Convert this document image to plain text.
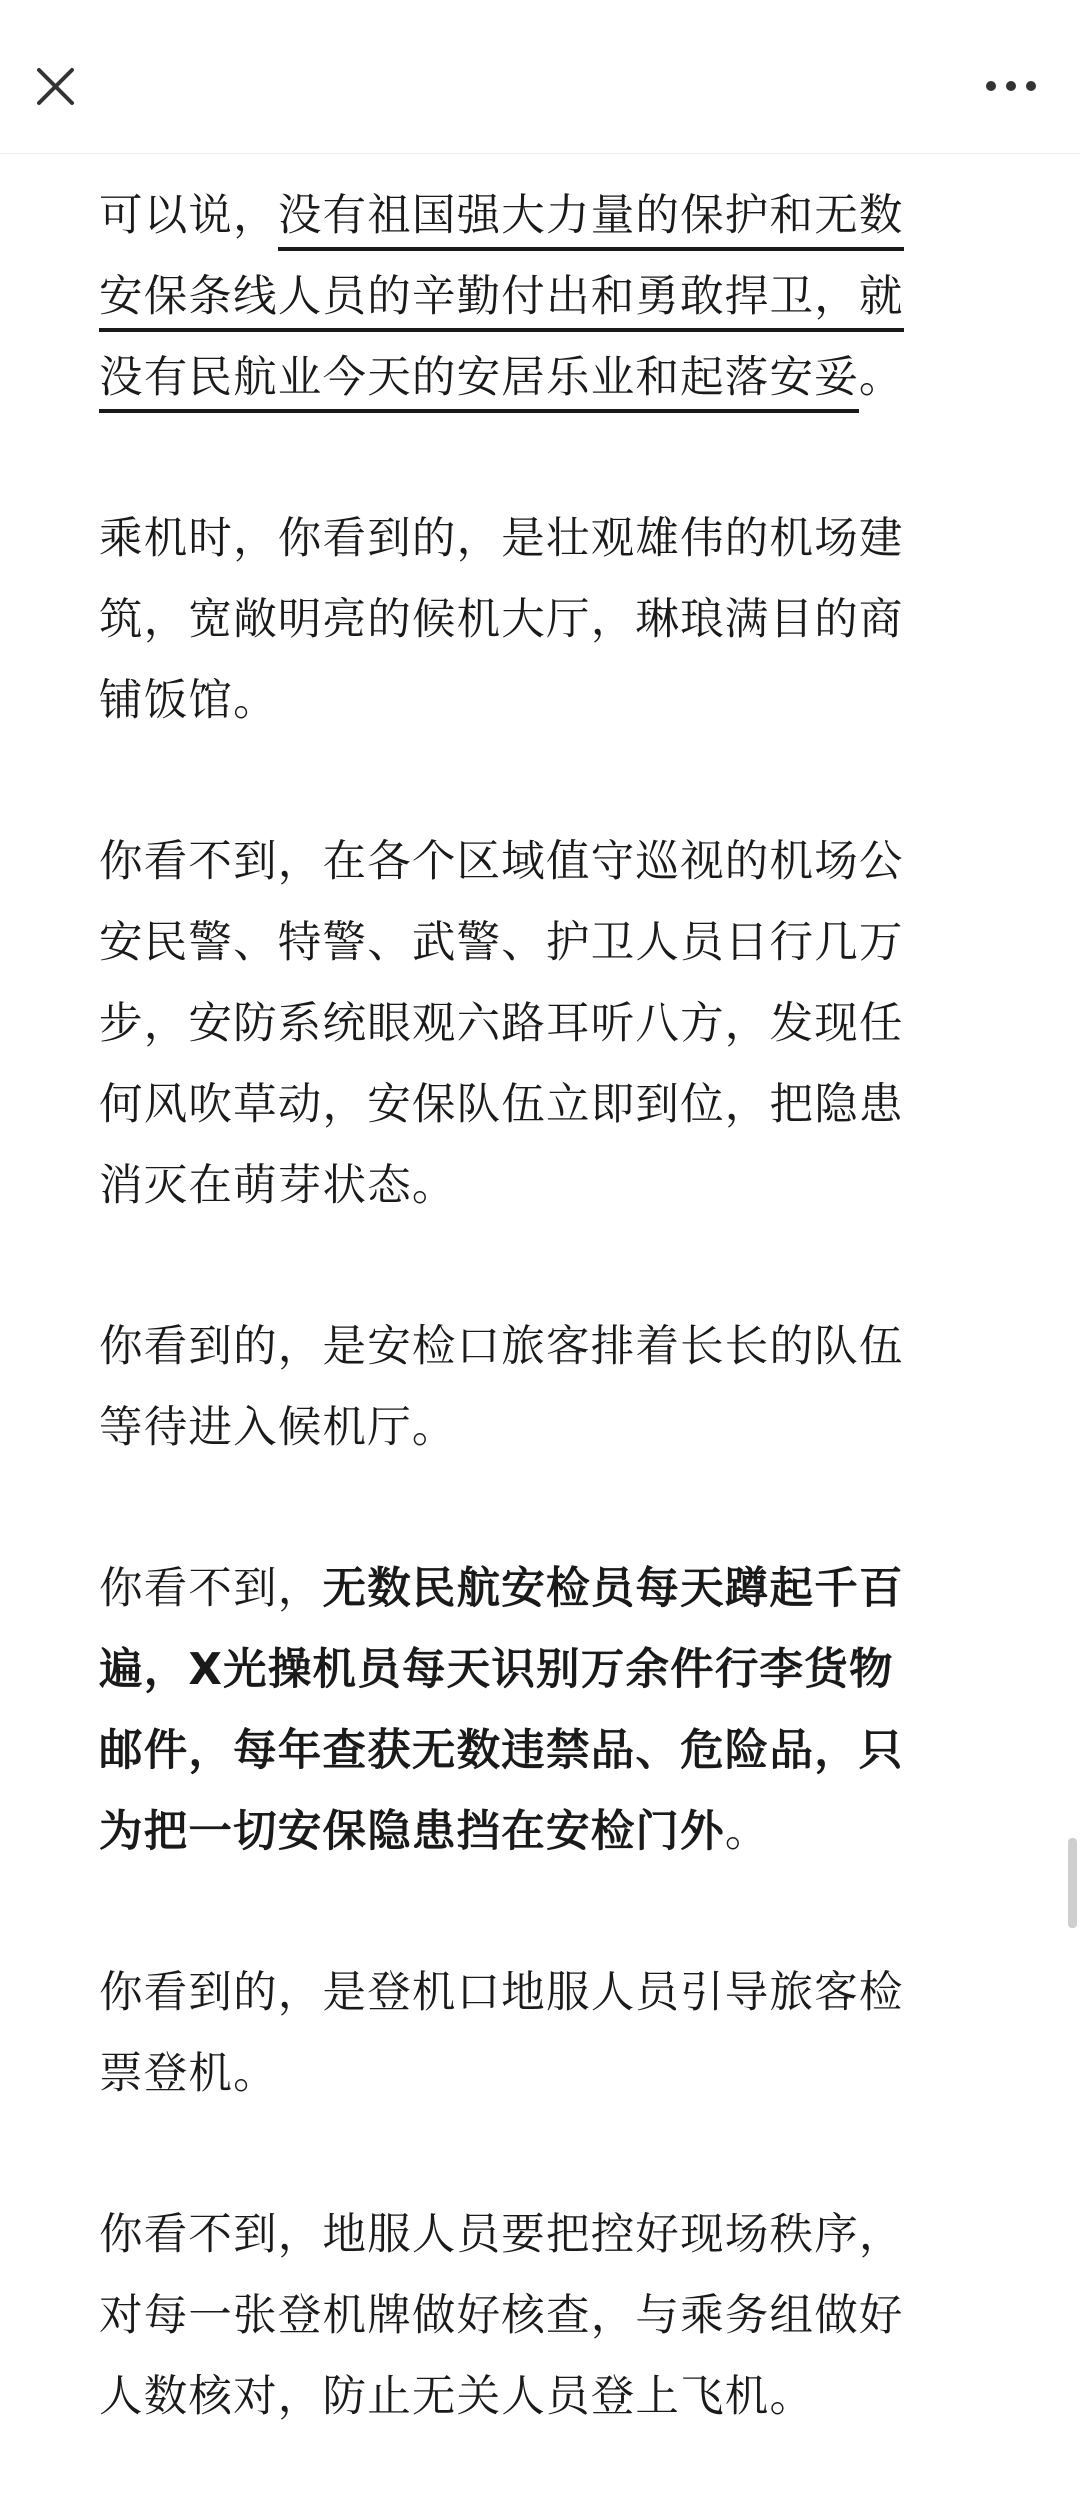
可以说，没有祖国强大力量的保护和无数
安保条线人员的辛勤付出和勇敢捍卫，就
没有民航业今天的安居乐业和起落安妥。
乘机时，你看到的，是壮观雄伟的机场建
筑，宽敞明亮的候机大厅，琳琅满目的商
铺饭馆。
你看不到，在各个区域值守巡视的机场公
安民警、特警、武警、护卫人员日行几万
步，安防系统眼观六路耳听八方，发现任
何风吹草动，安保队伍立即到位，把隐患
消灭在萌芽状态。
你看到的，是安检口旅客排着长长的队伍
等待进入候机厅。
你看不到，无数民航安检员每天蹲起千百
遍，X光操机员每天识别万余件行李货物
邮件，每年查获无数违禁品、危险品，只
为把一切安保隐患挡在安检门外。
你看到的，是登机口地服人员引导旅客检
票登机。
你看不到，地服人员要把控好现场秩序，
对每一张登机牌做好核查，与乘务组做好
人数核对，防止无关人员登上飞机。
